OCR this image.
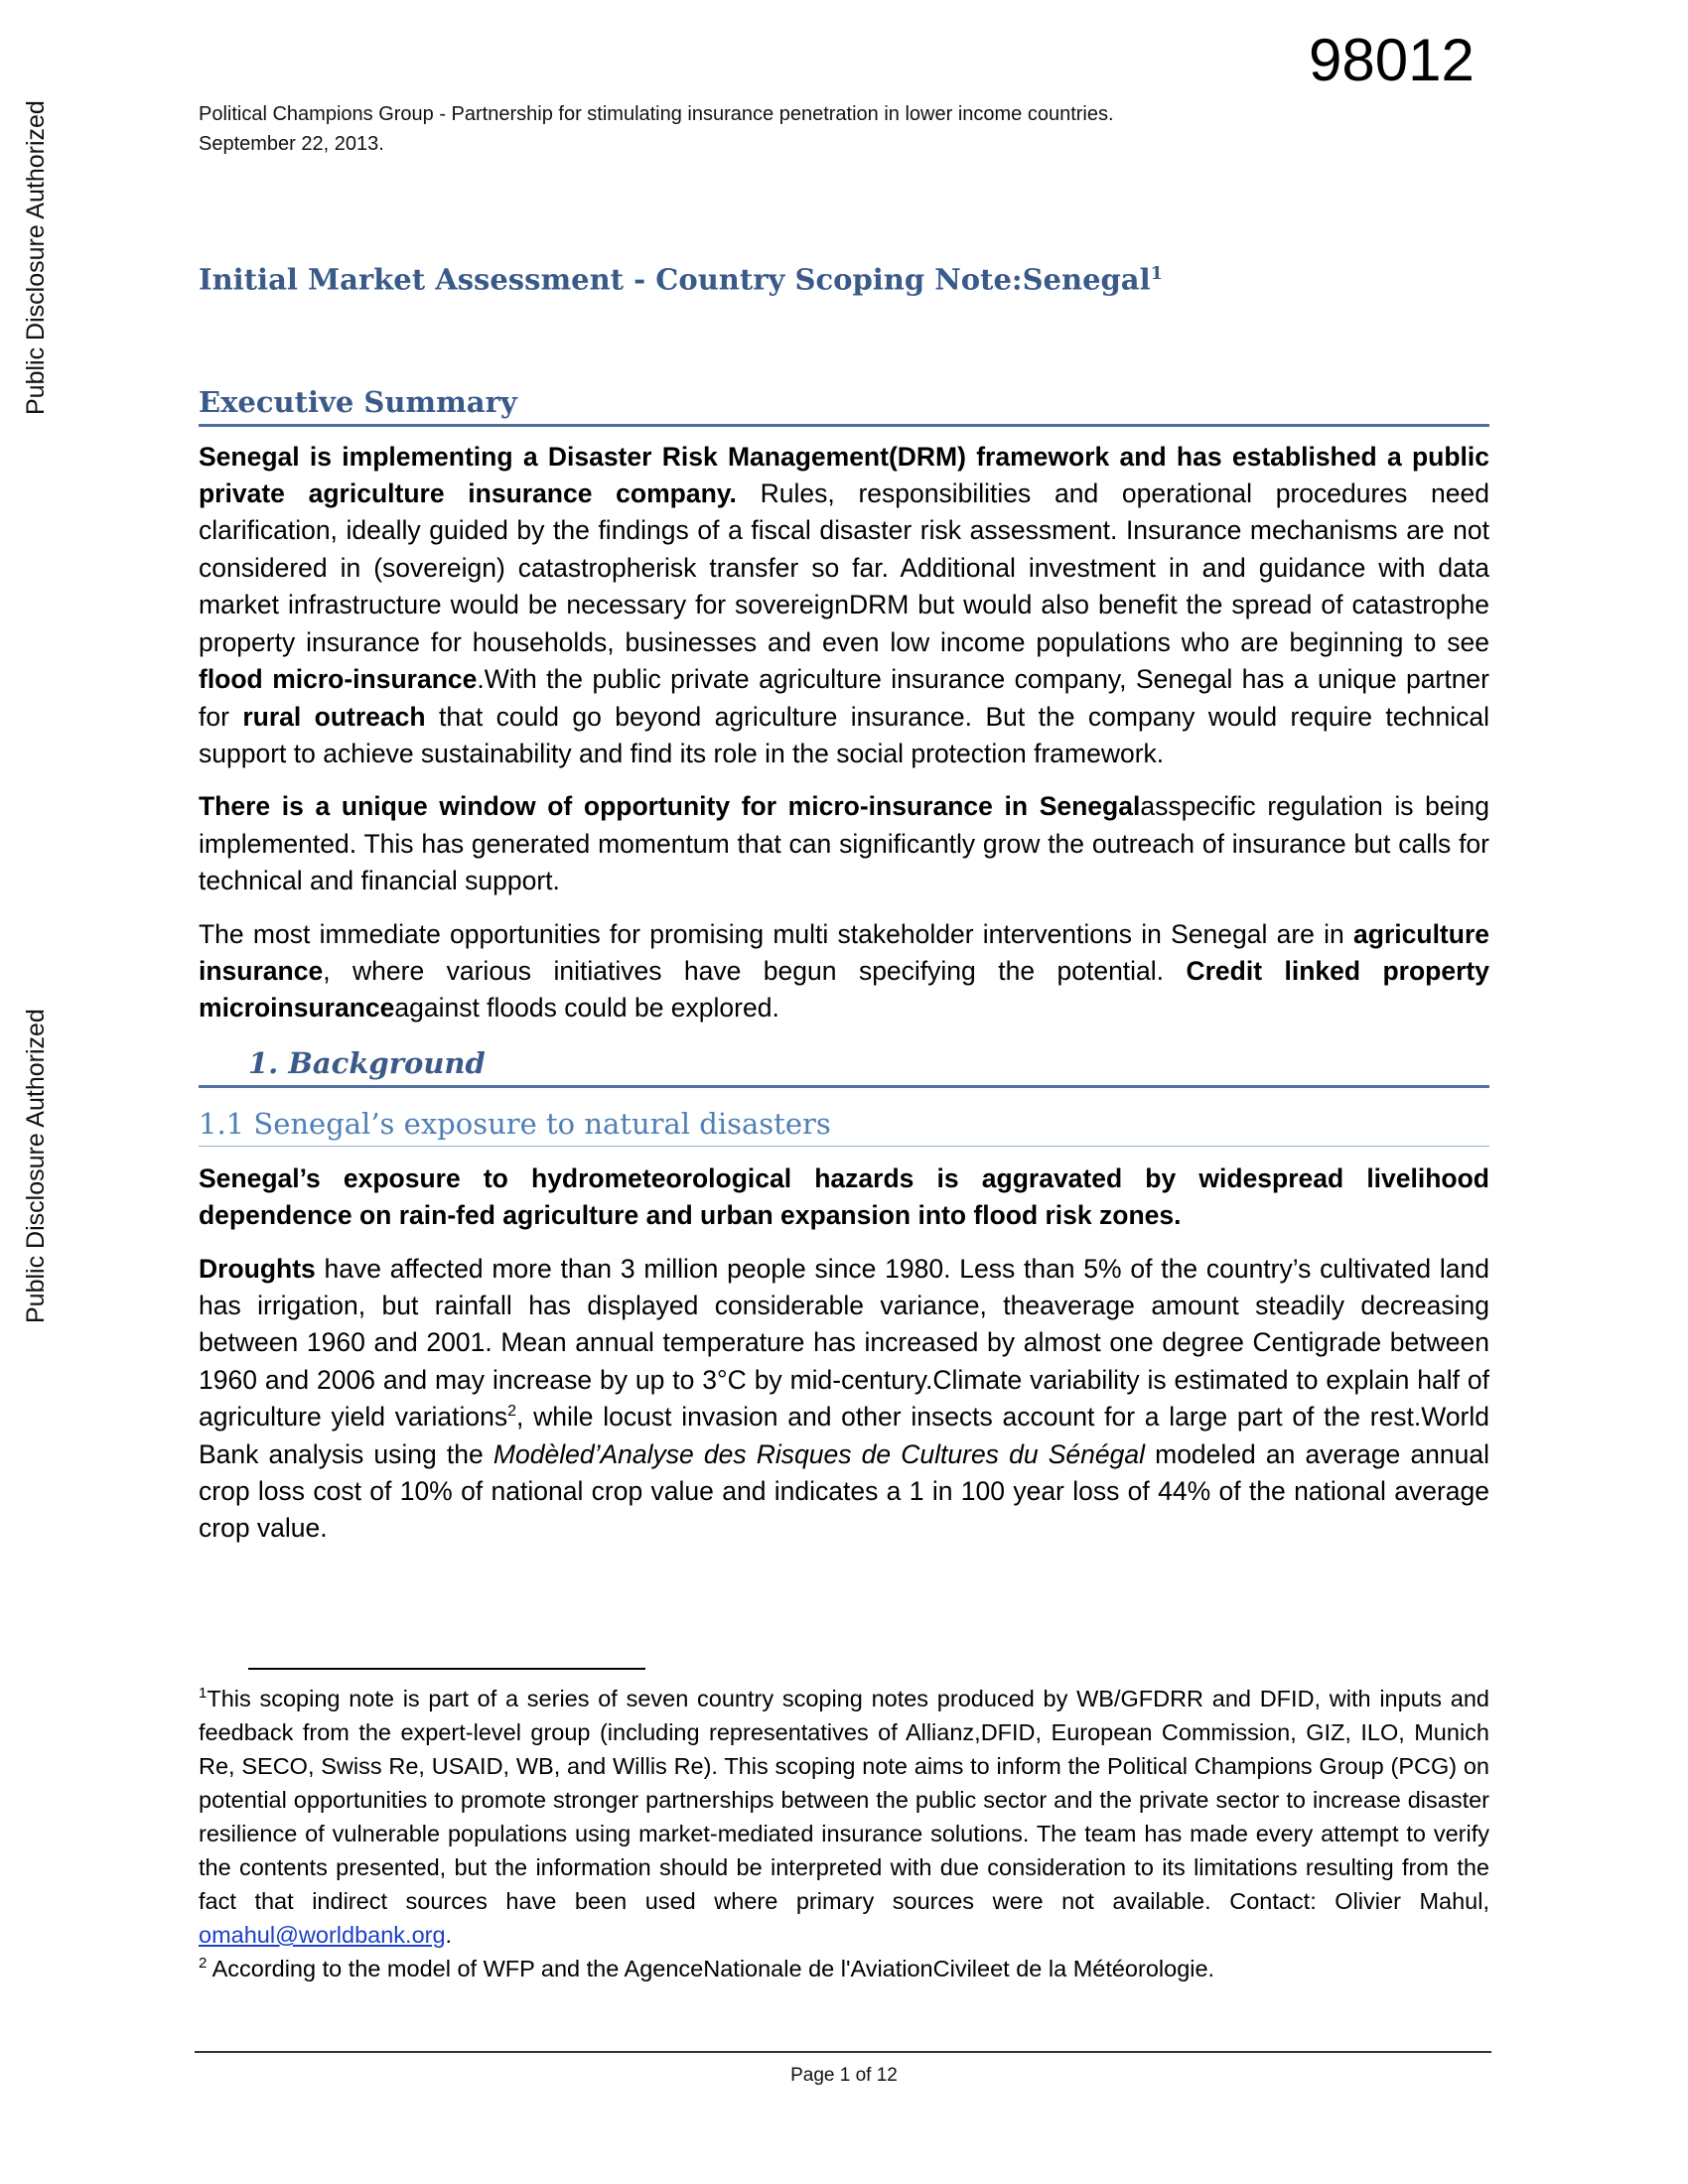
Public Disclosure Authorized
Public Disclosure Authorized
98012
Political Champions Group - Partnership for stimulating insurance penetration in lower income countries.
September 22, 2013.
Initial Market Assessment - Country Scoping Note:Senegal$^1$
Executive Summary

Senegal is implementing a Disaster Risk Management(DRM) framework and has established a public private agriculture insurance company. Rules, responsibilities and operational procedures need clarification, ideally guided by the findings of a fiscal disaster risk assessment. Insurance mechanisms are not considered in (sovereign) catastropherisk transfer so far. Additional investment in and guidance with data market infrastructure would be necessary for sovereignDRM but would also benefit the spread of catastrophe property insurance for households, businesses and even low income populations who are beginning to see flood micro-insurance.With the public private agriculture insurance company, Senegal has a unique partner for rural outreach that could go beyond agriculture insurance. But the company would require technical support to achieve sustainability and find its role in the social protection framework.

There is a unique window of opportunity for micro-insurance in Senegalasspecific regulation is being implemented. This has generated momentum that can significantly grow the outreach of insurance but calls for technical and financial support.

The most immediate opportunities for promising multi stakeholder interventions in Senegal are in agriculture insurance, where various initiatives have begun specifying the potential. Credit linked property microinsuranceagainst floods could be explored.

1. Background
1.1 Senegal’s exposure to natural disasters

Senegal’s exposure to hydrometeorological hazards is aggravated by widespread livelihood dependence on rain-fed agriculture and urban expansion into flood risk zones.

Droughts have affected more than 3 million people since 1980. Less than 5% of the country’s cultivated land has irrigation, but rainfall has displayed considerable variance, theaverage amount steadily decreasing between 1960 and 2001. Mean annual temperature has increased by almost one degree Centigrade between 1960 and 2006 and may increase by up to 3°C by mid-century.Climate variability is estimated to explain half of agriculture yield variations$^2$, while locust invasion and other insects account for a large part of the rest.World Bank analysis using the Modèled’Analyse des Risques de Cultures du Sénégal modeled an average annual crop loss cost of 10% of national crop value and indicates a 1 in 100 year loss of 44% of the national average crop value.

$^1$This scoping note is part of a series of seven country scoping notes produced by WB/GFDRR and DFID, with inputs and feedback from the expert-level group (including representatives of Allianz,DFID, European Commission, GIZ, ILO, Munich Re, SECO, Swiss Re, USAID, WB, and Willis Re). This scoping note aims to inform the Political Champions Group (PCG) on potential opportunities to promote stronger partnerships between the public sector and the private sector to increase disaster resilience of vulnerable populations using market-mediated insurance solutions. The team has made every attempt to verify the contents presented, but the information should be interpreted with due consideration to its limitations resulting from the fact that indirect sources have been used where primary sources were not available. Contact: Olivier Mahul, omahul@worldbank.org.

$^2$ According to the model of WFP and the AgenceNationale de l'AviationCivileet de la Météorologie.

Page 1 of 12
